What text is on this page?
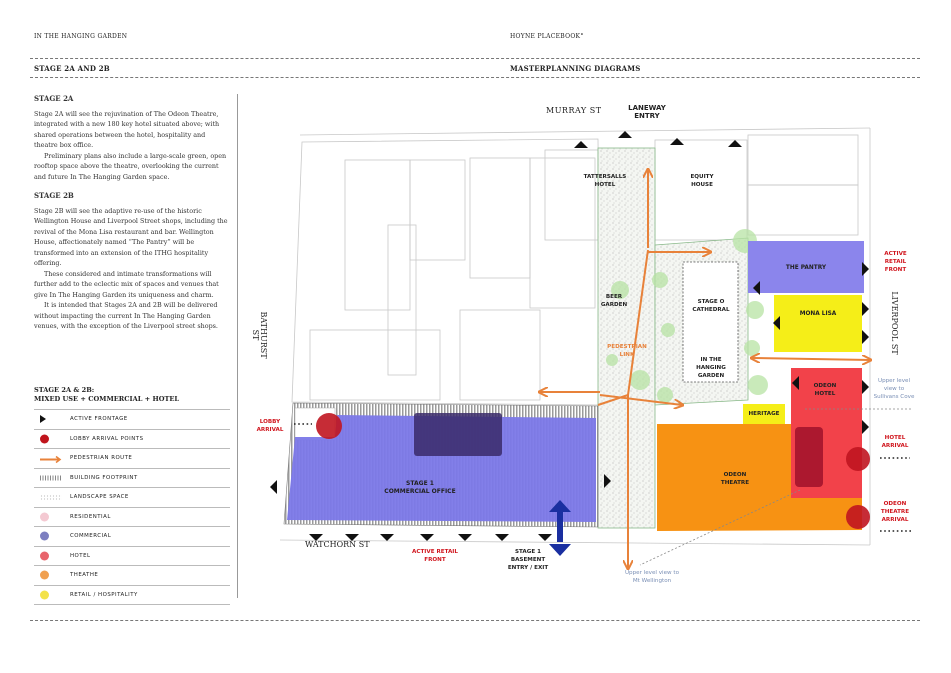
IN THE HANGING GARDEN	HOYNE PLACEBOOK°
STAGE 2A AND 2B	MASTERPLANNING DIAGRAMS
STAGE 2A

Stage 2A will see the rejuvination of The Odeon Theatre, integrated with a new 180 key hotel situated above; with shared operations between the hotel, hospitality and theatre box office.

Preliminary plans also include a large-scale green, open rooftop space above the theatre, overlooking the current and future In The Hanging Garden space.

STAGE 2B

Stage 2B will see the adaptive re-use of the historic Wellington House and Liverpool Street shops, including the revival of the Mona Lisa restaurant and bar. Wellington House, affectionately named “The Pantry” will be transformed into an extension of the ITHG hospitality offering.

These considered and intimate transformations will further add to the eclectic mix of spaces and venues that give In The Hanging Garden its uniqueness and charm.

It is intended that Stages 2A and 2B will be delivered without impacting the current In The Hanging Garden venues, with the exception of the Liverpool street shops.

STAGE 2A & 2B:
MIXED USE + COMMERCIAL + HOTEL
ACTIVE FRONTAGE
LOBBY ARRIVAL POINTS
PEDESTRIAN ROUTE
BUILDING FOOTPRINT
LANDSCAPE SPACE
RESIDENTIAL
COMMERCIAL
HOTEL
THEATHE
RETAIL / HOSPITALITY
MURRAY ST
BATHURST ST	LIVERPOOL ST
WATCHORN ST
LANEWAY
ENTRY
TATTERSALLS
HOTEL
EQUITY
HOUSE
BEER
GARDEN
PEDESTRIAN
LINK
STAGE O
CATHEDRAL
IN THE
HANGING
GARDEN
THE PANTRY
MONA LISA
HERITAGE
ODEON
HOTEL
ODEON
THEATRE
STAGE 1
COMMERCIAL OFFICE
ACTIVE
RETAIL
FRONT
ACTIVE RETAIL
FRONT
LOBBY
ARRIVAL
HOTEL
ARRIVAL
ODEON
THEATRE
ARRIVAL
STAGE 1
BASEMENT
ENTRY / EXIT
Upper level
view to
Sullivans Cove
Upper level view to
Mt Wellington
